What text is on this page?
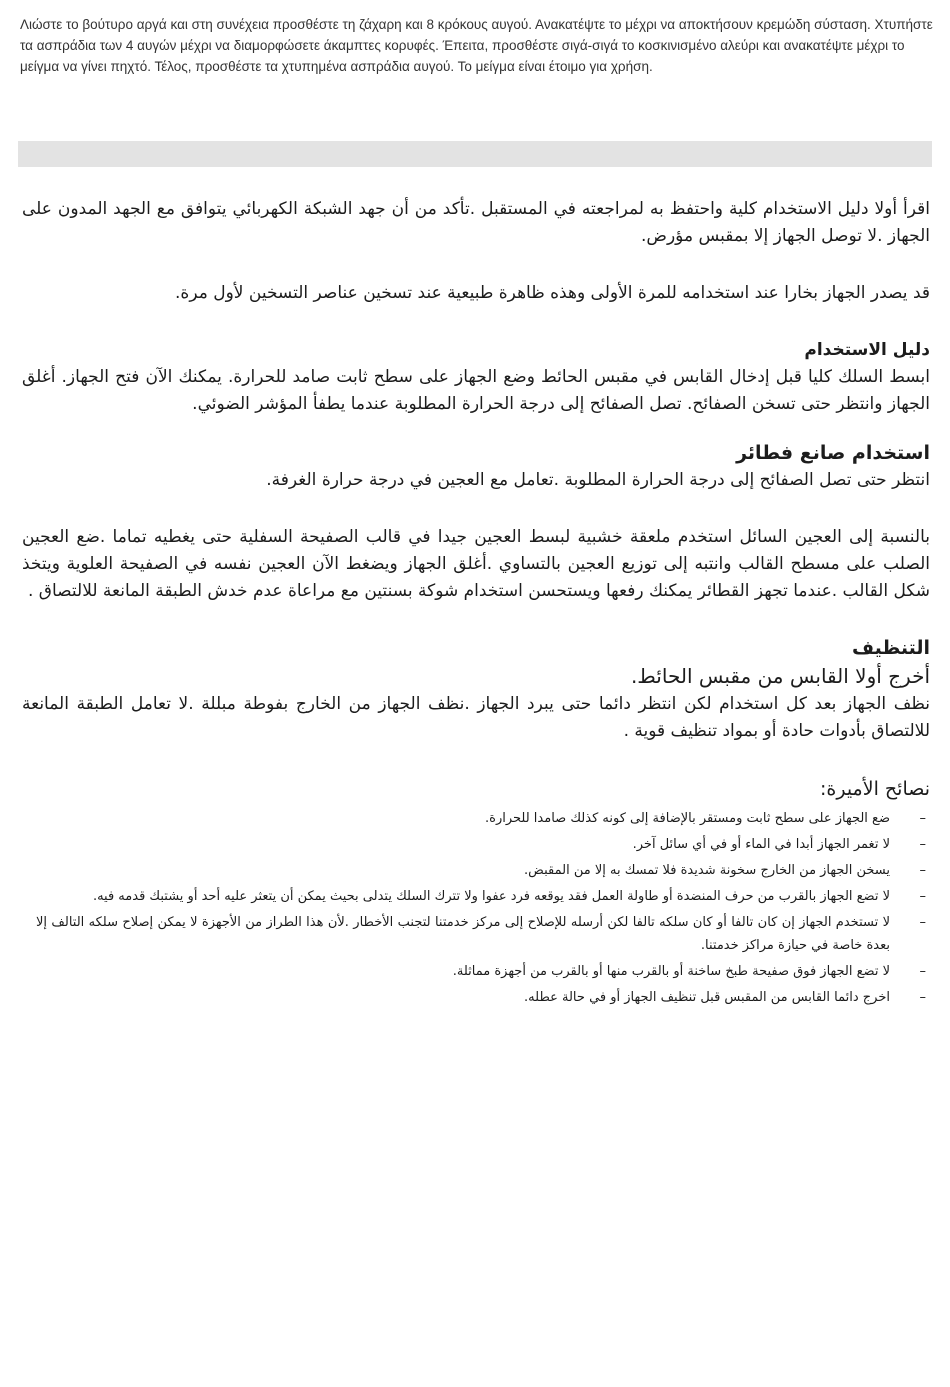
Λιώστε το βούτυρο αργά και στη συνέχεια προσθέστε τη ζάχαρη και 8 κρόκους αυγού. Ανακατέψτε το μέχρι να αποκτήσουν κρεμώδη σύσταση. Χτυπήστε τα ασπράδια των 4 αυγών μέχρι να διαμορφώσετε άκαμπτες κορυφές. Έπειτα, προσθέστε σιγά-σιγά το κοσκινισμένο αλεύρι και ανακατέψτε μέχρι το μείγμα να γίνει πηχτό. Τέλος, προσθέστε τα χτυπημένα ασπράδια αυγού. Το μείγμα είναι έτοιμο για χρήση.

اقرأ أولا دليل الاستخدام كلية واحتفظ به لمراجعته في المستقبل .تأكد من أن جهد الشبكة الكهربائي يتوافق مع الجهد المدون على الجهاز .لا توصل الجهاز إلا بمقبس مؤرض.

قد يصدر الجهاز بخارا عند استخدامه للمرة الأولى وهذه ظاهرة طبيعية عند تسخين عناصر التسخين لأول مرة.

دليل الاستخدام

ابسط السلك كليا قبل إدخال القابس في مقبس الحائط وضع الجهاز على سطح ثابت صامد للحرارة. يمكنك الآن فتح الجهاز. أغلق الجهاز وانتظر حتى تسخن الصفائح. تصل الصفائح إلى درجة الحرارة المطلوبة عندما يطفأ المؤشر الضوئي.

استخدام صانع فطائر

انتظر حتى تصل الصفائح إلى درجة الحرارة المطلوبة .تعامل مع العجين في درجة حرارة الغرفة.

بالنسبة إلى العجين السائل استخدم ملعقة خشبية لبسط العجين جيدا في قالب الصفيحة السفلية حتى يغطيه تماما .ضع العجين الصلب على مسطح القالب وانتبه إلى توزيع العجين بالتساوي .أغلق الجهاز ويضغط الآن العجين نفسه في الصفيحة العلوية ويتخذ شكل القالب .عندما تجهز القطائر يمكنك رفعها ويستحسن استخدام شوكة بسنتين مع مراعاة عدم خدش الطبقة المانعة للالتصاق .

التنظيف

أخرج أولا القابس من مقبس الحائط.

نظف الجهاز بعد كل استخدام لكن انتظر دائما حتى يبرد الجهاز .نظف الجهاز من الخارج بفوطة مبللة .لا تعامل الطبقة المانعة للالتصاق بأدوات حادة أو بمواد تنظيف قوية .

نصائح الأميرة:

–
ضع الجهاز على سطح ثابت ومستقر بالإضافة إلى كونه كذلك صامدا للحرارة.
–
لا تغمر الجهاز أبدا في الماء أو في أي سائل آخر.
–
يسخن الجهاز من الخارج سخونة شديدة فلا تمسك به إلا من المقبض.
–
لا تضع الجهاز بالقرب من حرف المنضدة أو طاولة العمل فقد يوقعه فرد عفوا ولا تترك السلك يتدلى بحيث يمكن أن يتعثر عليه أحد أو يشتبك قدمه فيه.
–
لا تستخدم الجهاز إن كان تالفا أو كان سلكه تالفا لكن أرسله للإصلاح إلى مركز خدمتنا لتجنب الأخطار .لأن هذا الطراز من الأجهزة لا يمكن إصلاح سلكه التالف إلا بعدة خاصة في حيازة مراكز خدمتنا.
–
لا تضع الجهاز فوق صفيحة طبخ ساخنة أو بالقرب منها أو بالقرب من أجهزة مماثلة.
–
اخرج دائما القابس من المقبس قبل تنظيف الجهاز أو في حالة عطله.
